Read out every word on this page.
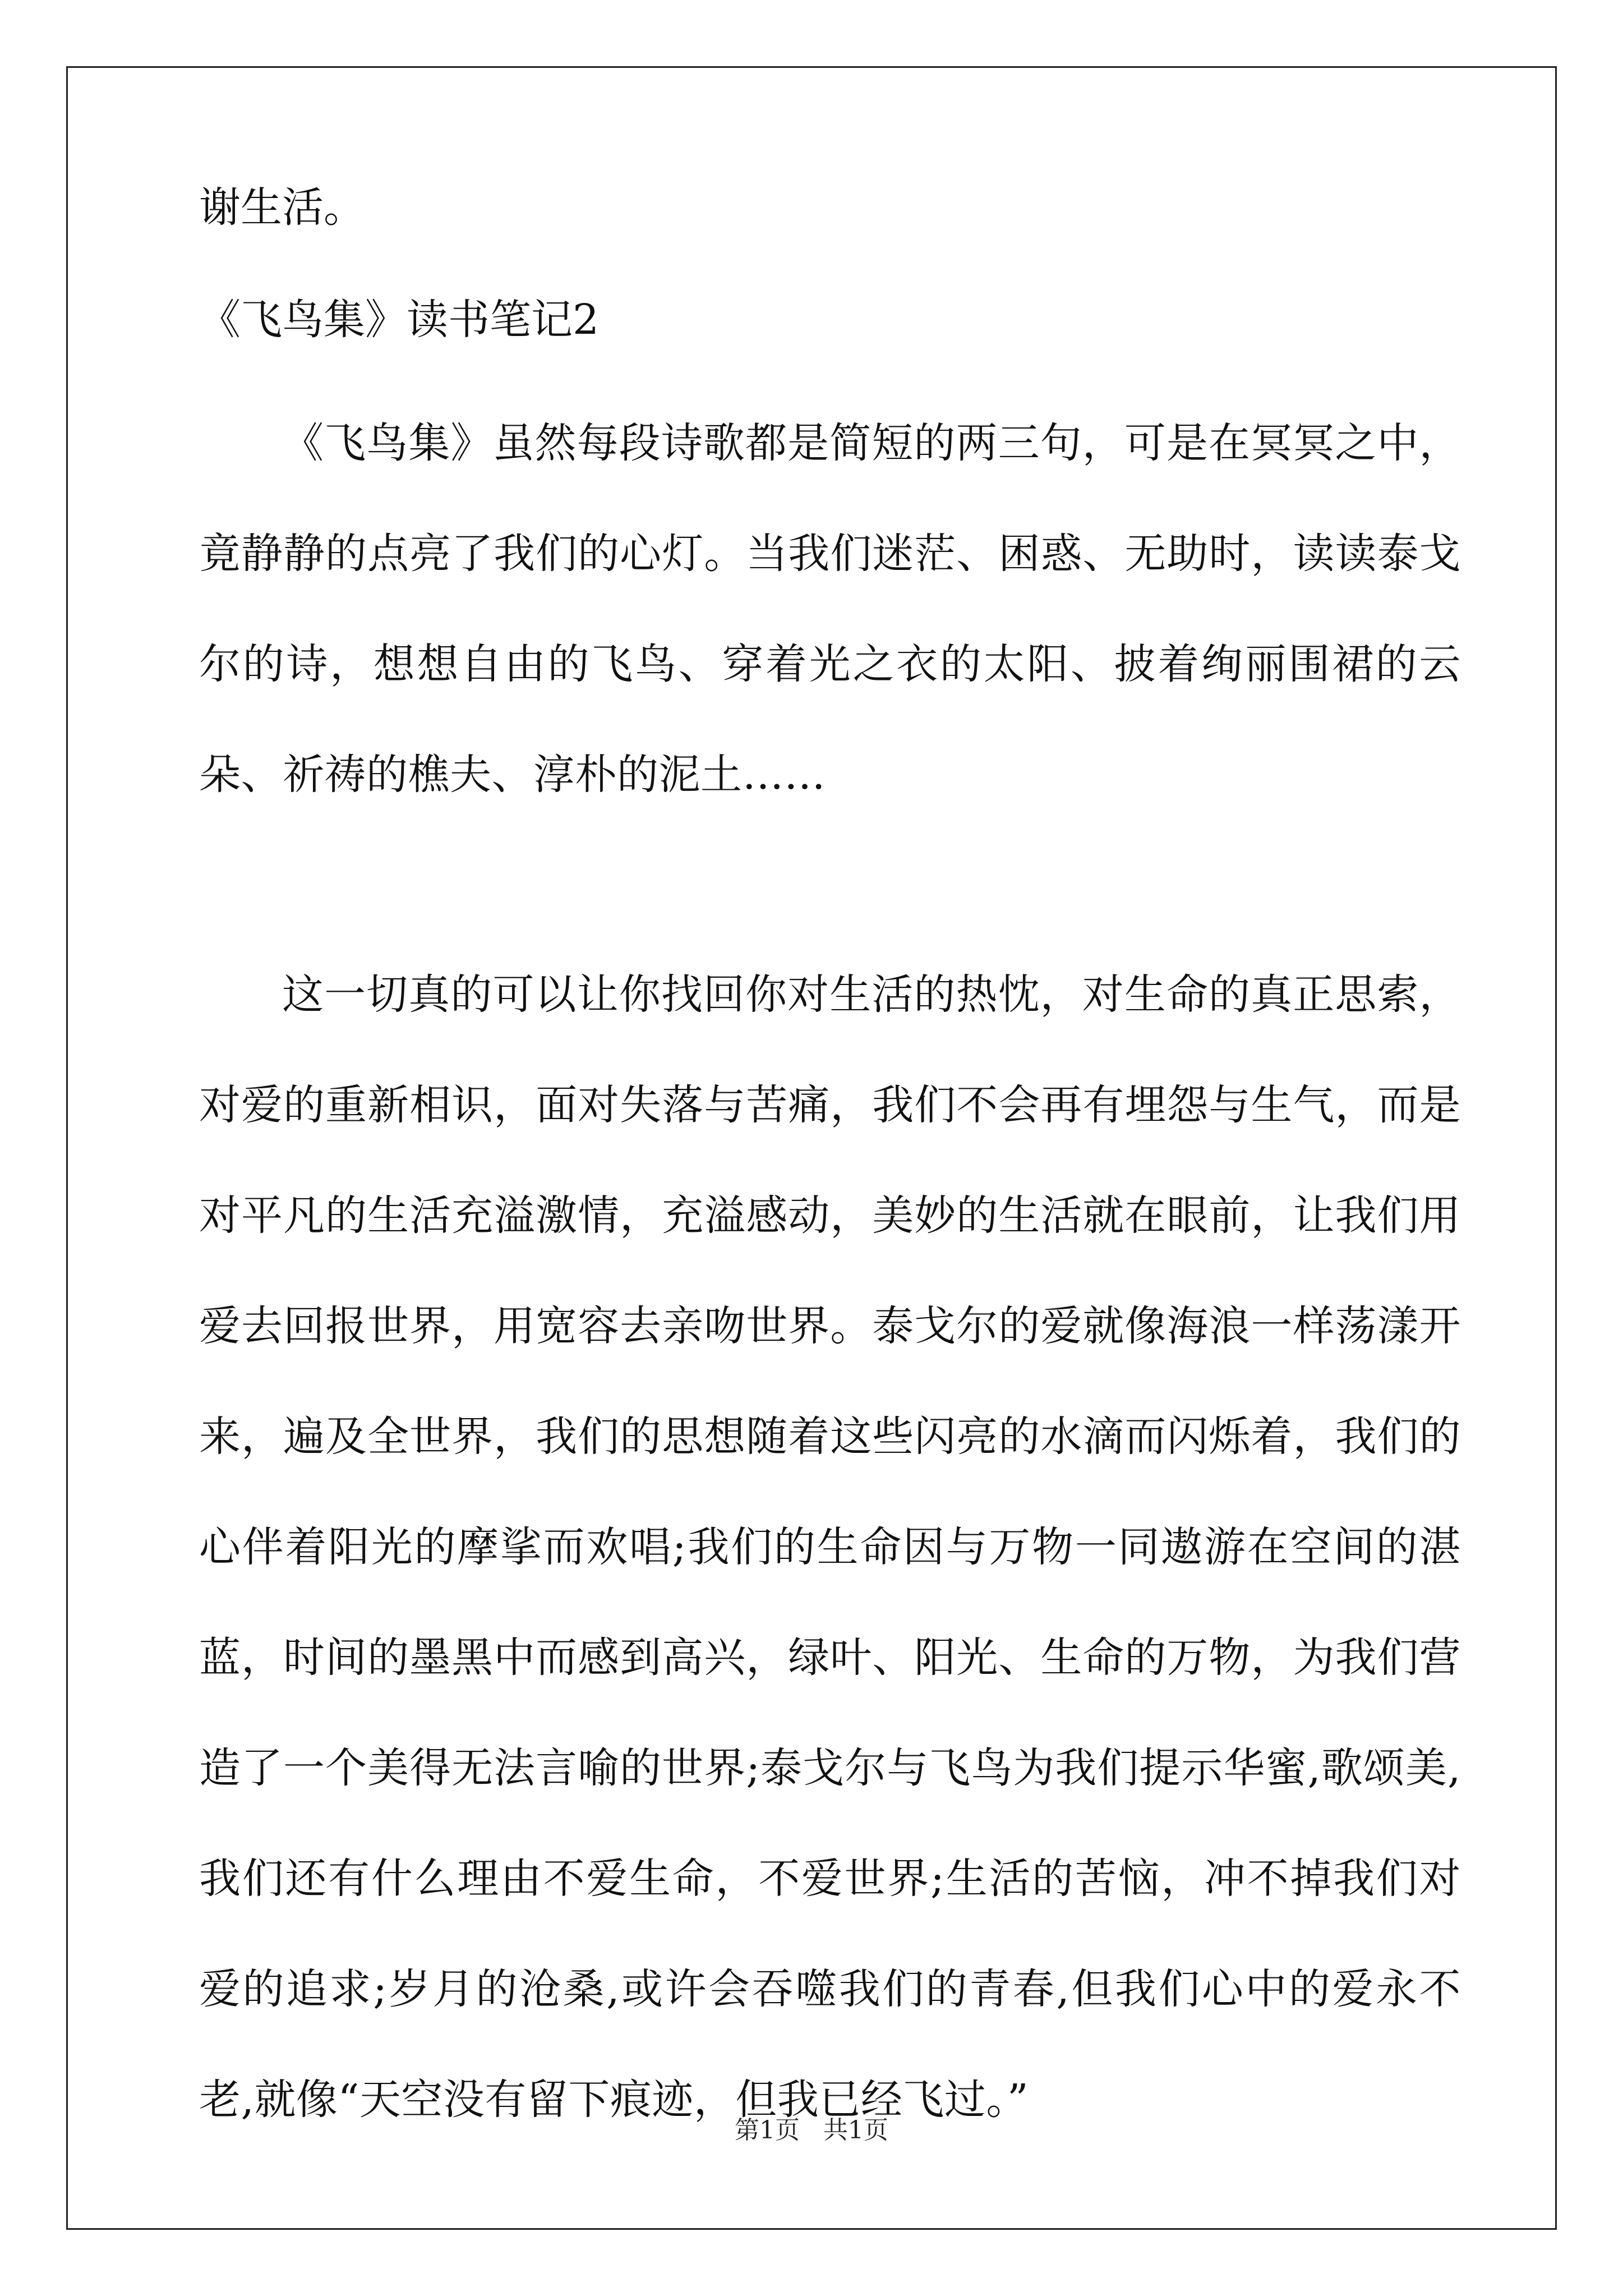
谢生活。

《飞鸟集》读书笔记2

《飞鸟集》虽然每段诗歌都是简短的两三句，可是在冥冥之中，竟静静的点亮了我们的心灯。当我们迷茫、困惑、无助时，读读泰戈尔的诗，想想自由的飞鸟、穿着光之衣的太阳、披着绚丽围裙的云朵、祈祷的樵夫、淳朴的泥土……

这一切真的可以让你找回你对生活的热忱，对生命的真正思索，对爱的重新相识，面对失落与苦痛，我们不会再有埋怨与生气，而是对平凡的生活充溢激情，充溢感动，美妙的生活就在眼前，让我们用爱去回报世界，用宽容去亲吻世界。泰戈尔的爱就像海浪一样荡漾开来，遍及全世界，我们的思想随着这些闪亮的水滴而闪烁着，我们的心伴着阳光的摩挲而欢唱;我们的生命因与万物一同遨游在空间的湛蓝，时间的墨黑中而感到高兴，绿叶、阳光、生命的万物，为我们营造了一个美得无法言喻的世界;泰戈尔与飞鸟为我们提示华蜜,歌颂美,我们还有什么理由不爱生命，不爱世界;生活的苦恼，冲不掉我们对爱的追求;岁月的沧桑,或许会吞噬我们的青春,但我们心中的爱永不老,就像“天空没有留下痕迹，但我已经飞过。”

第1页   共1页
